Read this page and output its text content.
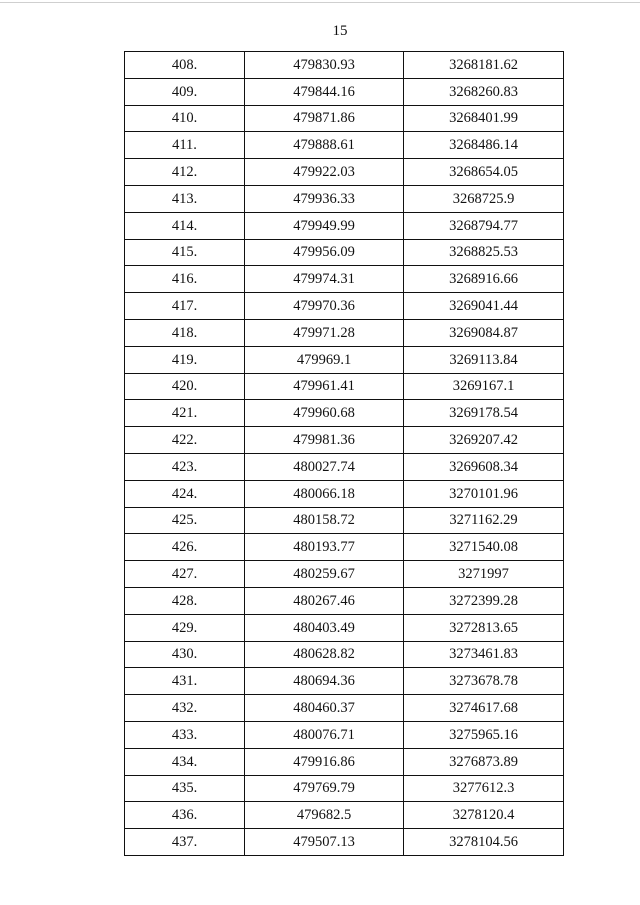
15
408.	479830.93	3268181.62
409.	479844.16	3268260.83
410.	479871.86	3268401.99
411.	479888.61	3268486.14
412.	479922.03	3268654.05
413.	479936.33	3268725.9
414.	479949.99	3268794.77
415.	479956.09	3268825.53
416.	479974.31	3268916.66
417.	479970.36	3269041.44
418.	479971.28	3269084.87
419.	479969.1	3269113.84
420.	479961.41	3269167.1
421.	479960.68	3269178.54
422.	479981.36	3269207.42
423.	480027.74	3269608.34
424.	480066.18	3270101.96
425.	480158.72	3271162.29
426.	480193.77	3271540.08
427.	480259.67	3271997
428.	480267.46	3272399.28
429.	480403.49	3272813.65
430.	480628.82	3273461.83
431.	480694.36	3273678.78
432.	480460.37	3274617.68
433.	480076.71	3275965.16
434.	479916.86	3276873.89
435.	479769.79	3277612.3
436.	479682.5	3278120.4
437.	479507.13	3278104.56
